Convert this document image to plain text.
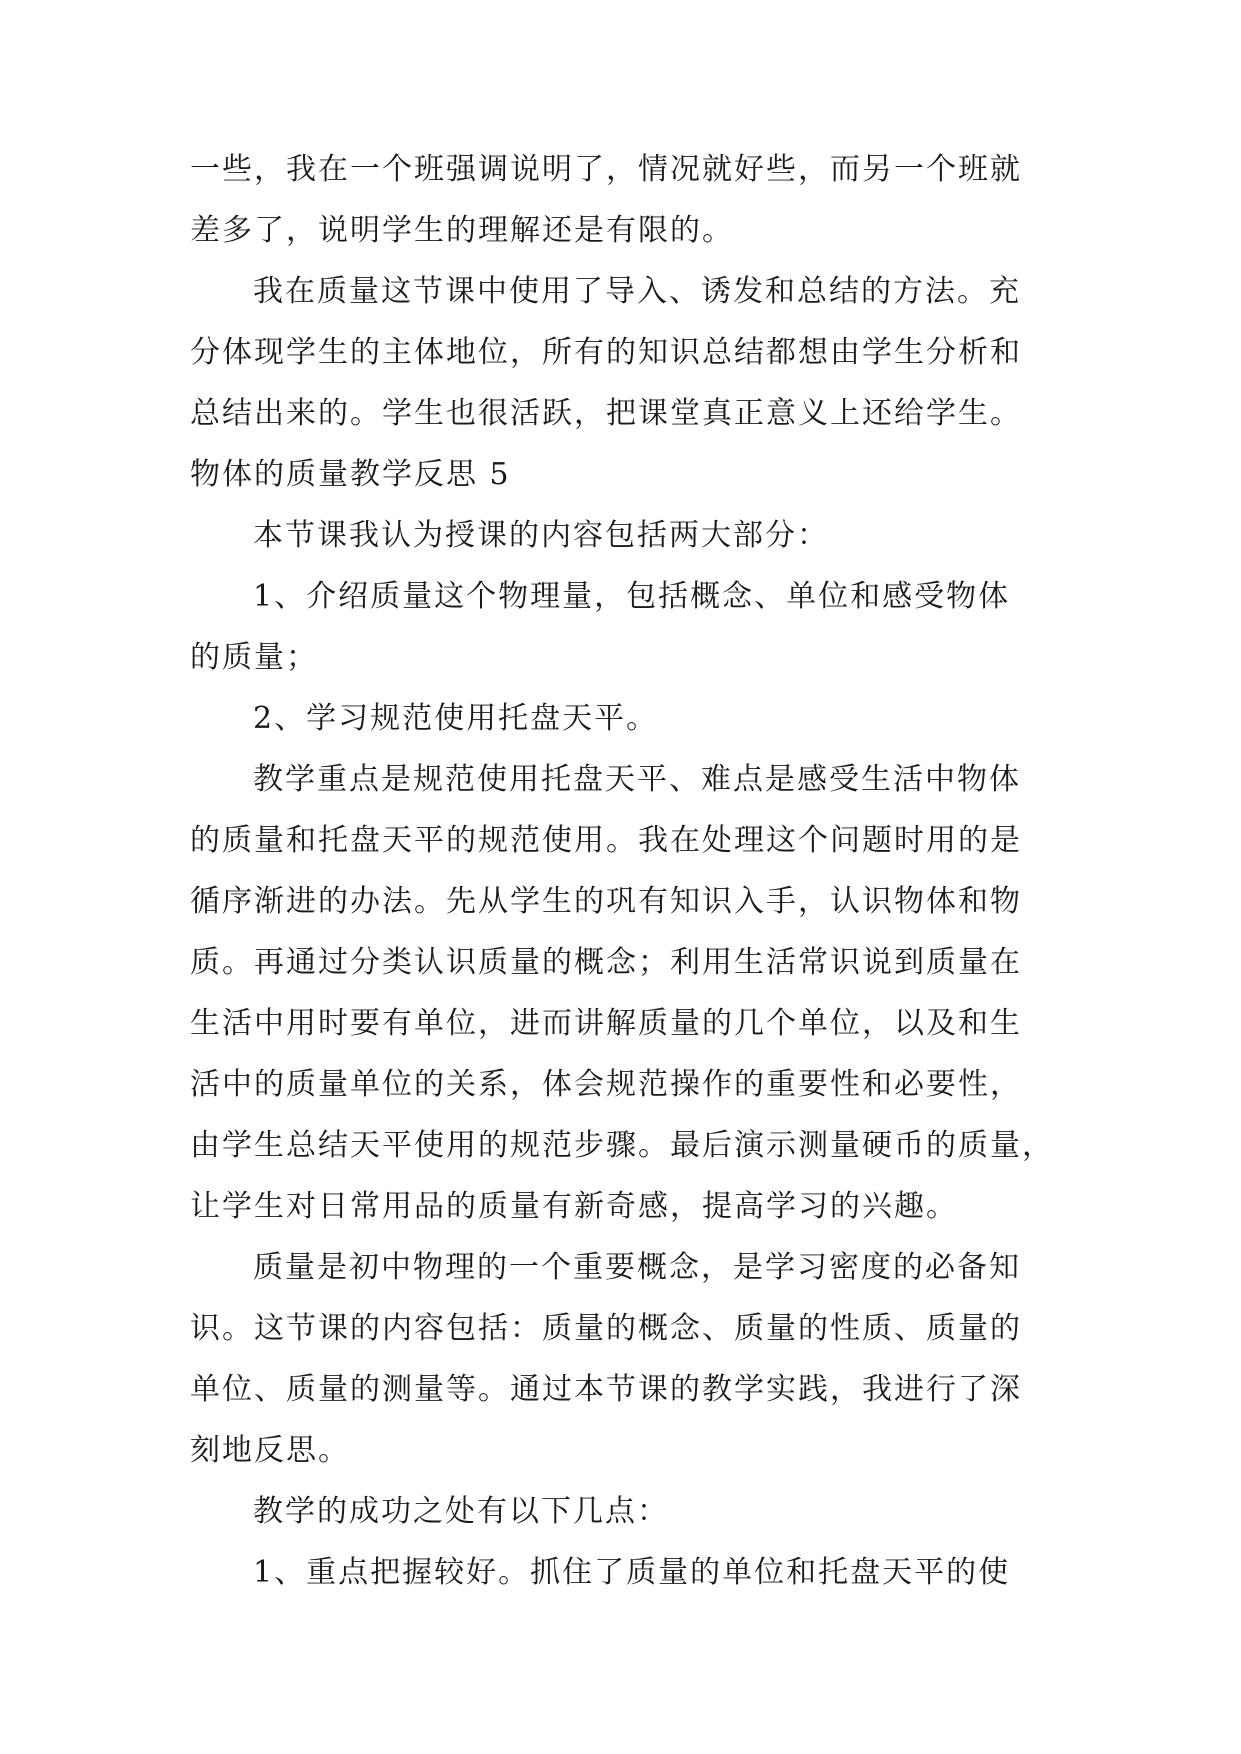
一些，我在一个班强调说明了，情况就好些，而另一个班就

差多了，说明学生的理解还是有限的。

我在质量这节课中使用了导入、诱发和总结的方法。充

分体现学生的主体地位，所有的知识总结都想由学生分析和

总结出来的。学生也很活跃，把课堂真正意义上还给学生。

物体的质量教学反思 5

本节课我认为授课的内容包括两大部分：

1、介绍质量这个物理量，包括概念、单位和感受物体

的质量；

2、学习规范使用托盘天平。

教学重点是规范使用托盘天平、难点是感受生活中物体

的质量和托盘天平的规范使用。我在处理这个问题时用的是

循序渐进的办法。先从学生的巩有知识入手，认识物体和物

质。再通过分类认识质量的概念；利用生活常识说到质量在

生活中用时要有单位，进而讲解质量的几个单位，以及和生

活中的质量单位的关系，体会规范操作的重要性和必要性，

由学生总结天平使用的规范步骤。最后演示测量硬币的质量，

让学生对日常用品的质量有新奇感，提高学习的兴趣。

质量是初中物理的一个重要概念，是学习密度的必备知

识。这节课的内容包括：质量的概念、质量的性质、质量的

单位、质量的测量等。通过本节课的教学实践，我进行了深

刻地反思。

教学的成功之处有以下几点：

1、重点把握较好。抓住了质量的单位和托盘天平的使
